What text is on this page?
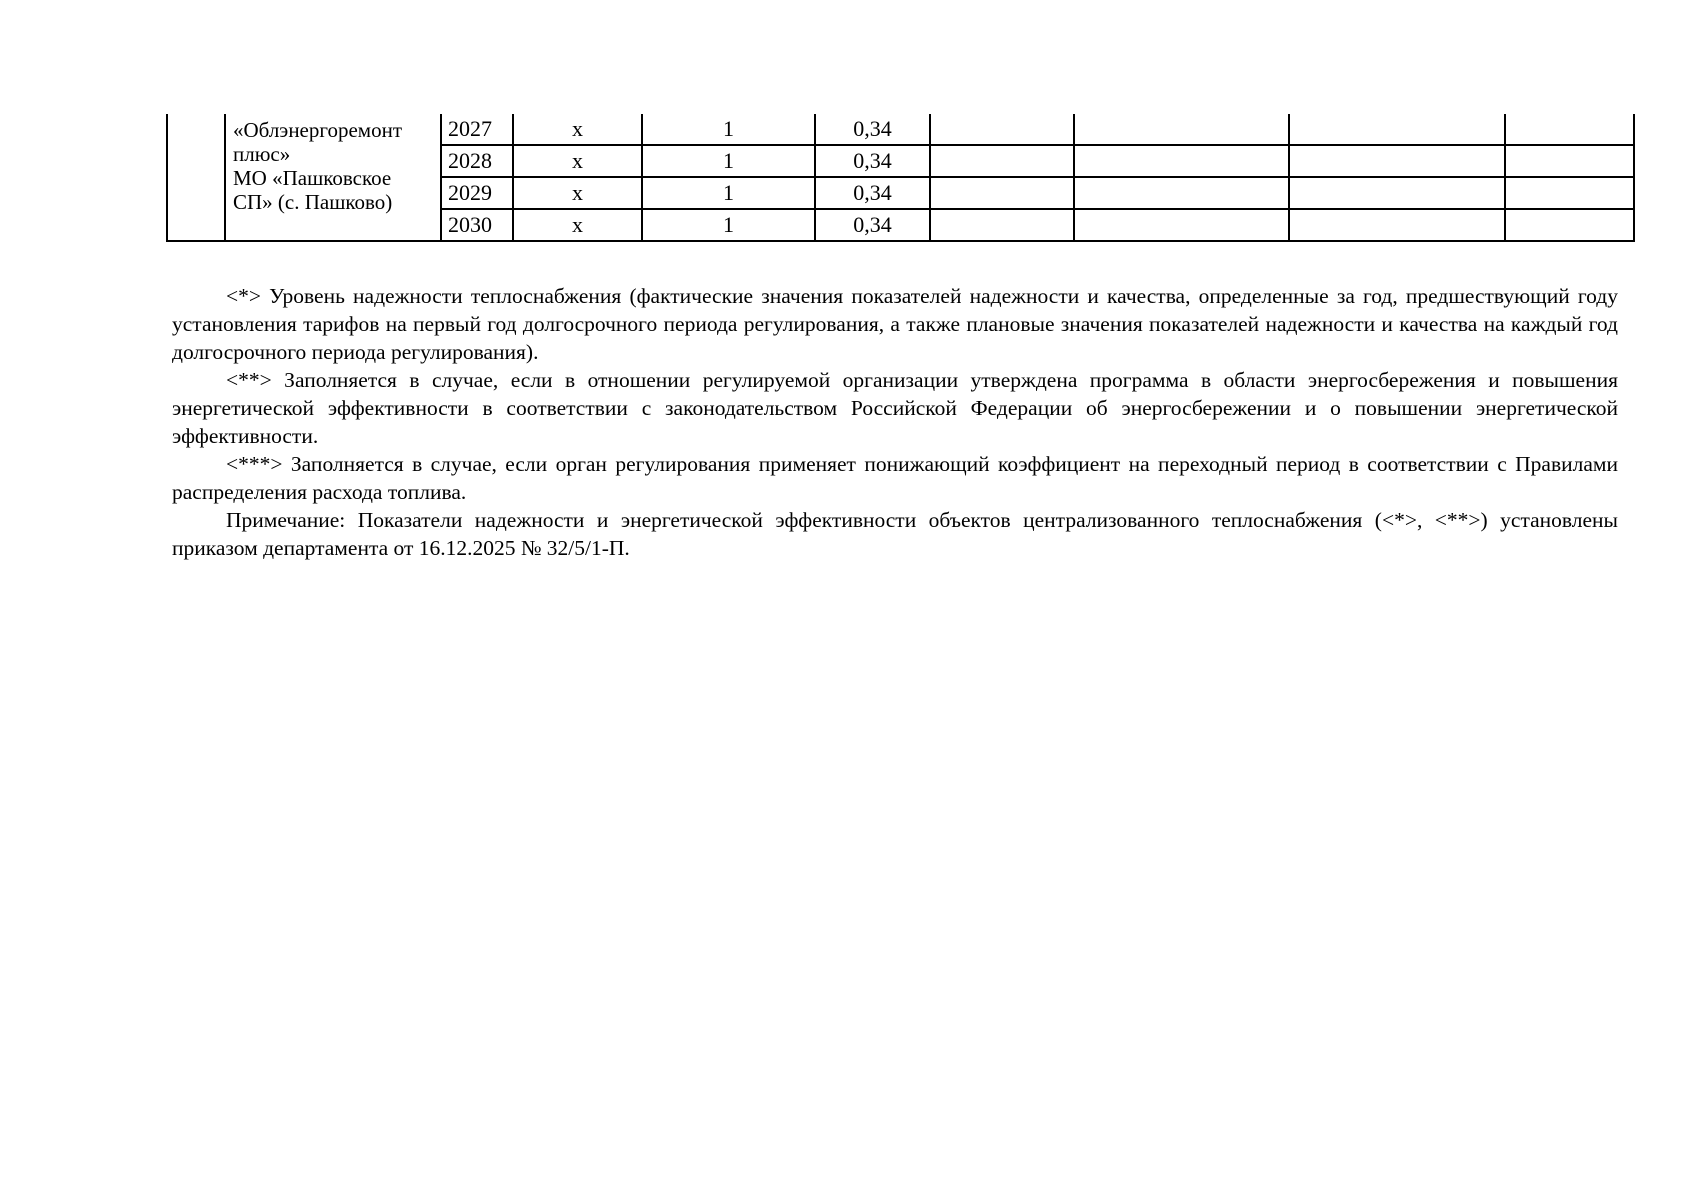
	«Облэнергоремонт
плюс»
МО «Пашковское
СП» (с. Пашково)	2027	х	1	0,34				
		2028	х	1	0,34				
		2029	х	1	0,34				
		2030	х	1	0,34				

<*> Уровень надежности теплоснабжения (фактические значения показателей надежности и качества, определенные за год, предшествующий году установления тарифов на первый год долгосрочного периода регулирования, а также плановые значения показателей надежности и качества на каждый год долгосрочного периода регулирования).

<**> Заполняется в случае, если в отношении регулируемой организации утверждена программа в области энергосбережения и повышения энергетической эффективности в соответствии с законодательством Российской Федерации об энергосбережении и о повышении энергетической эффективности.

<***> Заполняется в случае, если орган регулирования применяет понижающий коэффициент на переходный период в соответствии с Правилами распределения расхода топлива.

Примечание: Показатели надежности и энергетической эффективности объектов централизованного теплоснабжения (<*>, <**>) установлены приказом департамента от 16.12.2025 № 32/5/1-П.
